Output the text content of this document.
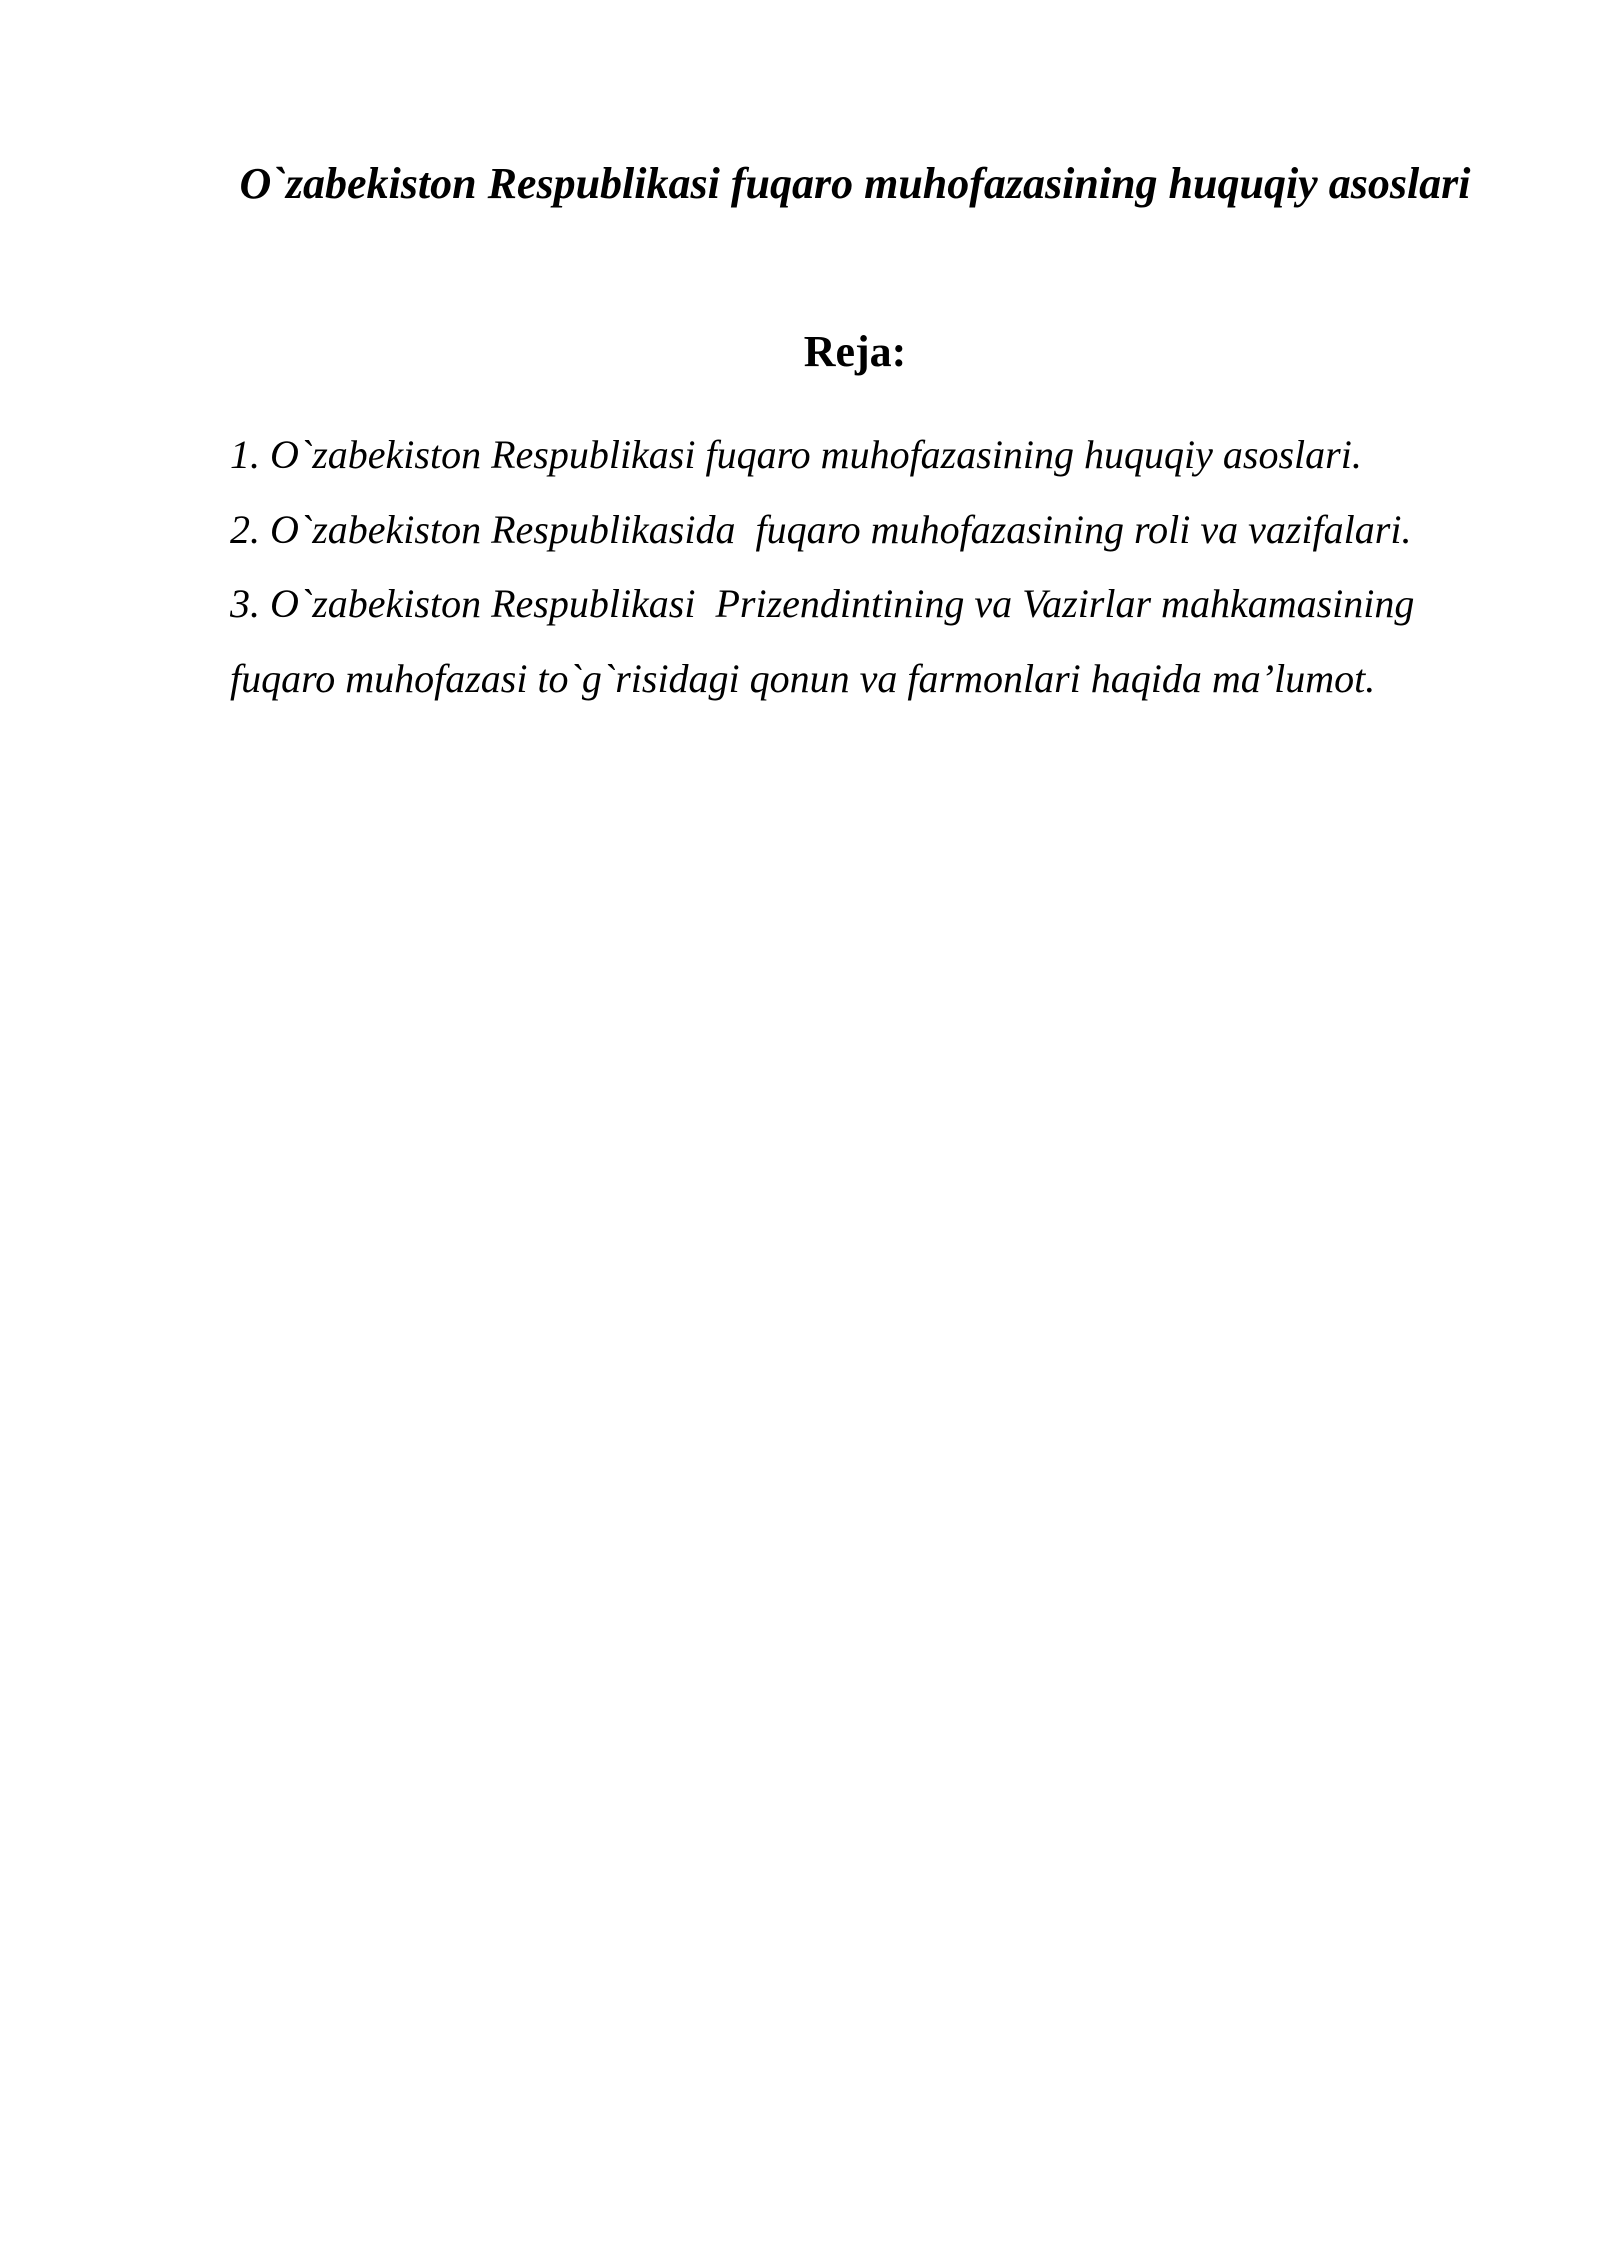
O`zabekiston Respublikasi fuqaro muhofazasining huquqiy asoslari
Reja:
1. O`zabekiston Respublikasi fuqaro muhofazasining huquqiy asoslari.
2. O`zabekiston Respublikasida  fuqaro muhofazasining roli va vazifalari.
3. O`zabekiston Respublikasi  Prizendintining va Vazirlar mahkamasining fuqaro muhofazasi to`g`risidagi qonun va farmonlari haqida ma’lumot.
